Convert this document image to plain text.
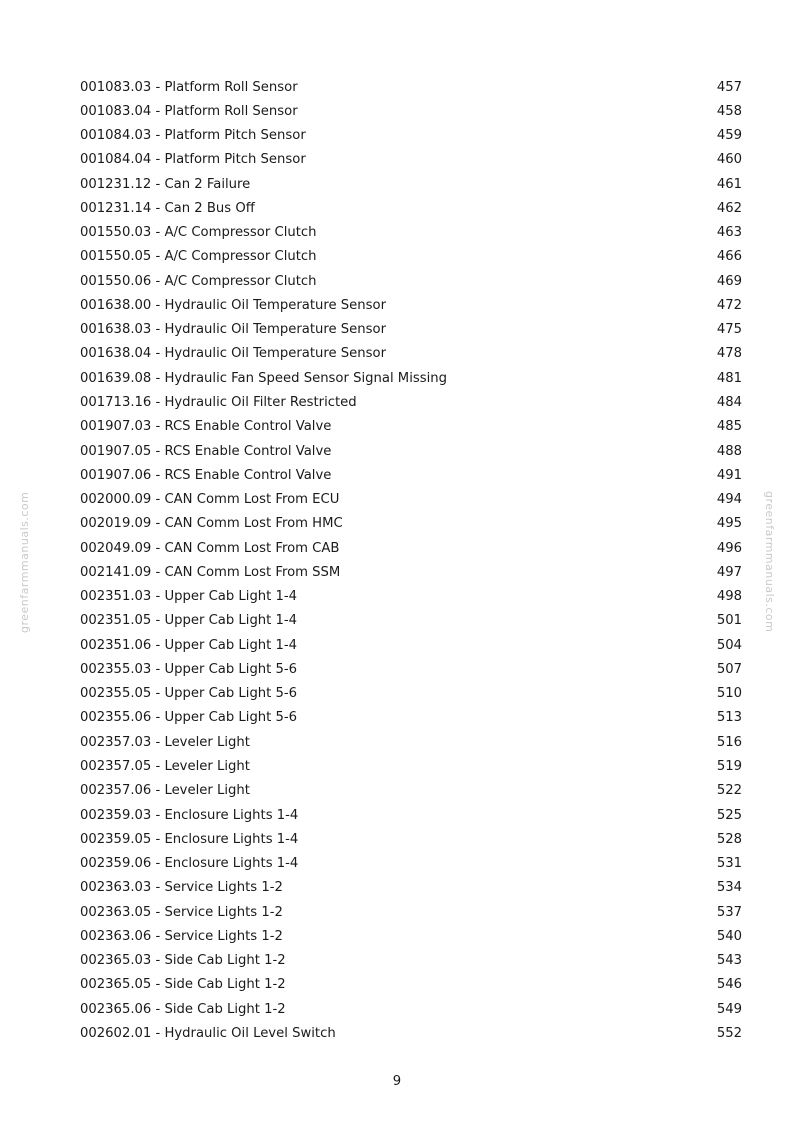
greenfarmmanuals.com	greenfarmmanuals.com
001083.03 - Platform Roll Sensor	457
001083.04 - Platform Roll Sensor	458
001084.03 - Platform Pitch Sensor	459
001084.04 - Platform Pitch Sensor	460
001231.12 - Can 2 Failure	461
001231.14 - Can 2 Bus Off	462
001550.03 - A/C Compressor Clutch	463
001550.05 - A/C Compressor Clutch	466
001550.06 - A/C Compressor Clutch	469
001638.00 - Hydraulic Oil Temperature Sensor	472
001638.03 - Hydraulic Oil Temperature Sensor	475
001638.04 - Hydraulic Oil Temperature Sensor	478
001639.08 - Hydraulic Fan Speed Sensor Signal Missing	481
001713.16 - Hydraulic Oil Filter Restricted	484
001907.03 - RCS Enable Control Valve	485
001907.05 - RCS Enable Control Valve	488
001907.06 - RCS Enable Control Valve	491
002000.09 - CAN Comm Lost From ECU	494
002019.09 - CAN Comm Lost From HMC	495
002049.09 - CAN Comm Lost From CAB	496
002141.09 - CAN Comm Lost From SSM	497
002351.03 - Upper Cab Light 1-4	498
002351.05 - Upper Cab Light 1-4	501
002351.06 - Upper Cab Light 1-4	504
002355.03 - Upper Cab Light 5-6	507
002355.05 - Upper Cab Light 5-6	510
002355.06 - Upper Cab Light 5-6	513
002357.03 - Leveler Light	516
002357.05 - Leveler Light	519
002357.06 - Leveler Light	522
002359.03 - Enclosure Lights 1-4	525
002359.05 - Enclosure Lights 1-4	528
002359.06 - Enclosure Lights 1-4	531
002363.03 - Service Lights 1-2	534
002363.05 - Service Lights 1-2	537
002363.06 - Service Lights 1-2	540
002365.03 - Side Cab Light 1-2	543
002365.05 - Side Cab Light 1-2	546
002365.06 - Side Cab Light 1-2	549
002602.01 - Hydraulic Oil Level Switch	552
9
